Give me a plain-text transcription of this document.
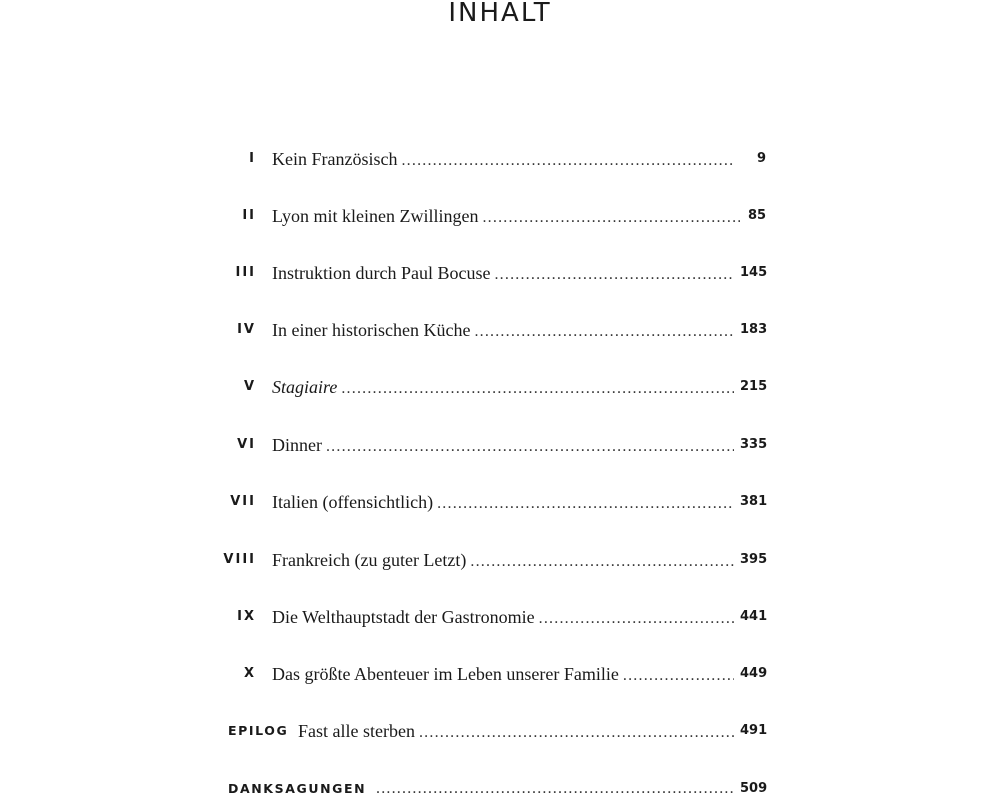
INHALT
I Kein Französisch .....	9
II Lyon mit kleinen Zwillingen .....	85
III Instruktion durch Paul Bocuse .....	145
IV In einer historischen Küche .....	183
V Stagiaire .....	215
VI Dinner .....	335
VII Italien (offensichtlich) .....	381
VIII Frankreich (zu guter Letzt) .....	395
IX Die Welthauptstadt der Gastronomie .....	441
X Das größte Abenteuer im Leben unserer Familie .....	449
EPILOG Fast alle sterben .....	491
DANKSAGUNGEN .....	509
